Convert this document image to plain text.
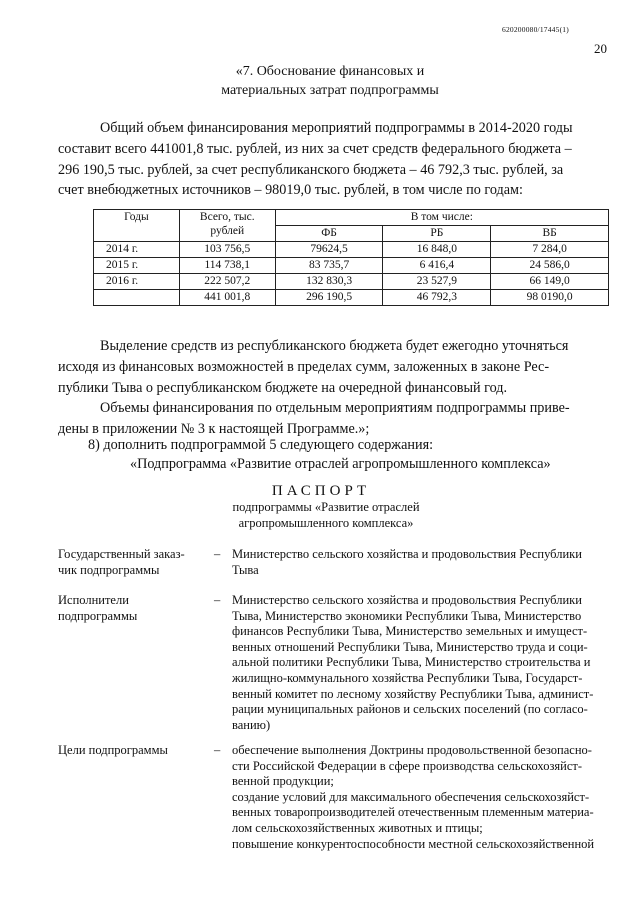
620200080/17445(1)
20
«7. Обоснование финансовых и
материальных затрат подпрограммы
Общий объем финансирования мероприятий подпрограммы в 2014-2020 годы
составит всего 441001,8 тыс. рублей, из них за счет средств федерального бюджета –
296 190,5 тыс. рублей, за счет республиканского бюджета – 46 792,3 тыс. рублей, за
счет внебюджетных источников – 98019,0 тыс. рублей, в том числе по годам:
Годы	Всего, тыс. рублей	В том числе:		
		ФБ	РБ	ВБ
2014 г.	103 756,5	79624,5	16 848,0	7 284,0
2015 г.	114 738,1	83 735,7	6 416,4	24 586,0
2016 г.	222 507,2	132 830,3	23 527,9	66 149,0
	441 001,8	296 190,5	46 792,3	98 0190,0
Выделение средств из республиканского бюджета будет ежегодно уточняться
исходя из финансовых возможностей в пределах сумм, заложенных в законе Рес-
публики Тыва о республиканском бюджете на очередной финансовый год.
Объемы финансирования по отдельным мероприятиям подпрограммы приве-
дены в приложении № 3 к настоящей Программе.»;
8) дополнить подпрограммой 5 следующего содержания:
«Подпрограмма «Развитие отраслей агропромышленного комплекса»
ПАСПОРТ
подпрограммы «Развитие отраслей
агропромышленного комплекса»
Государственный заказ-
чик подпрограммы
– Министерство сельского хозяйства и продовольствия Республики
Тыва
Исполнители
подпрограммы
– Министерство сельского хозяйства и продовольствия Республики
Тыва, Министерство экономики Республики Тыва, Министерство
финансов Республики Тыва, Министерство земельных и имущест-
венных отношений Республики Тыва, Министерство труда и соци-
альной политики Республики Тыва, Министерство строительства и
жилищно-коммунального хозяйства Республики Тыва, Государст-
венный комитет по лесному хозяйству Республики Тыва, админист-
рации муниципальных районов и сельских поселений (по согласо-
ванию)
Цели подпрограммы	– обеспечение выполнения Доктрины продовольственной безопасно-
сти Российской Федерации в сфере производства сельскохозяйст-
венной продукции;
создание условий для максимального обеспечения сельскохозяйст-
венных товаропроизводителей отечественным племенным материа-
лом сельскохозяйственных животных и птицы;
повышение конкурентоспособности местной сельскохозяйственной
